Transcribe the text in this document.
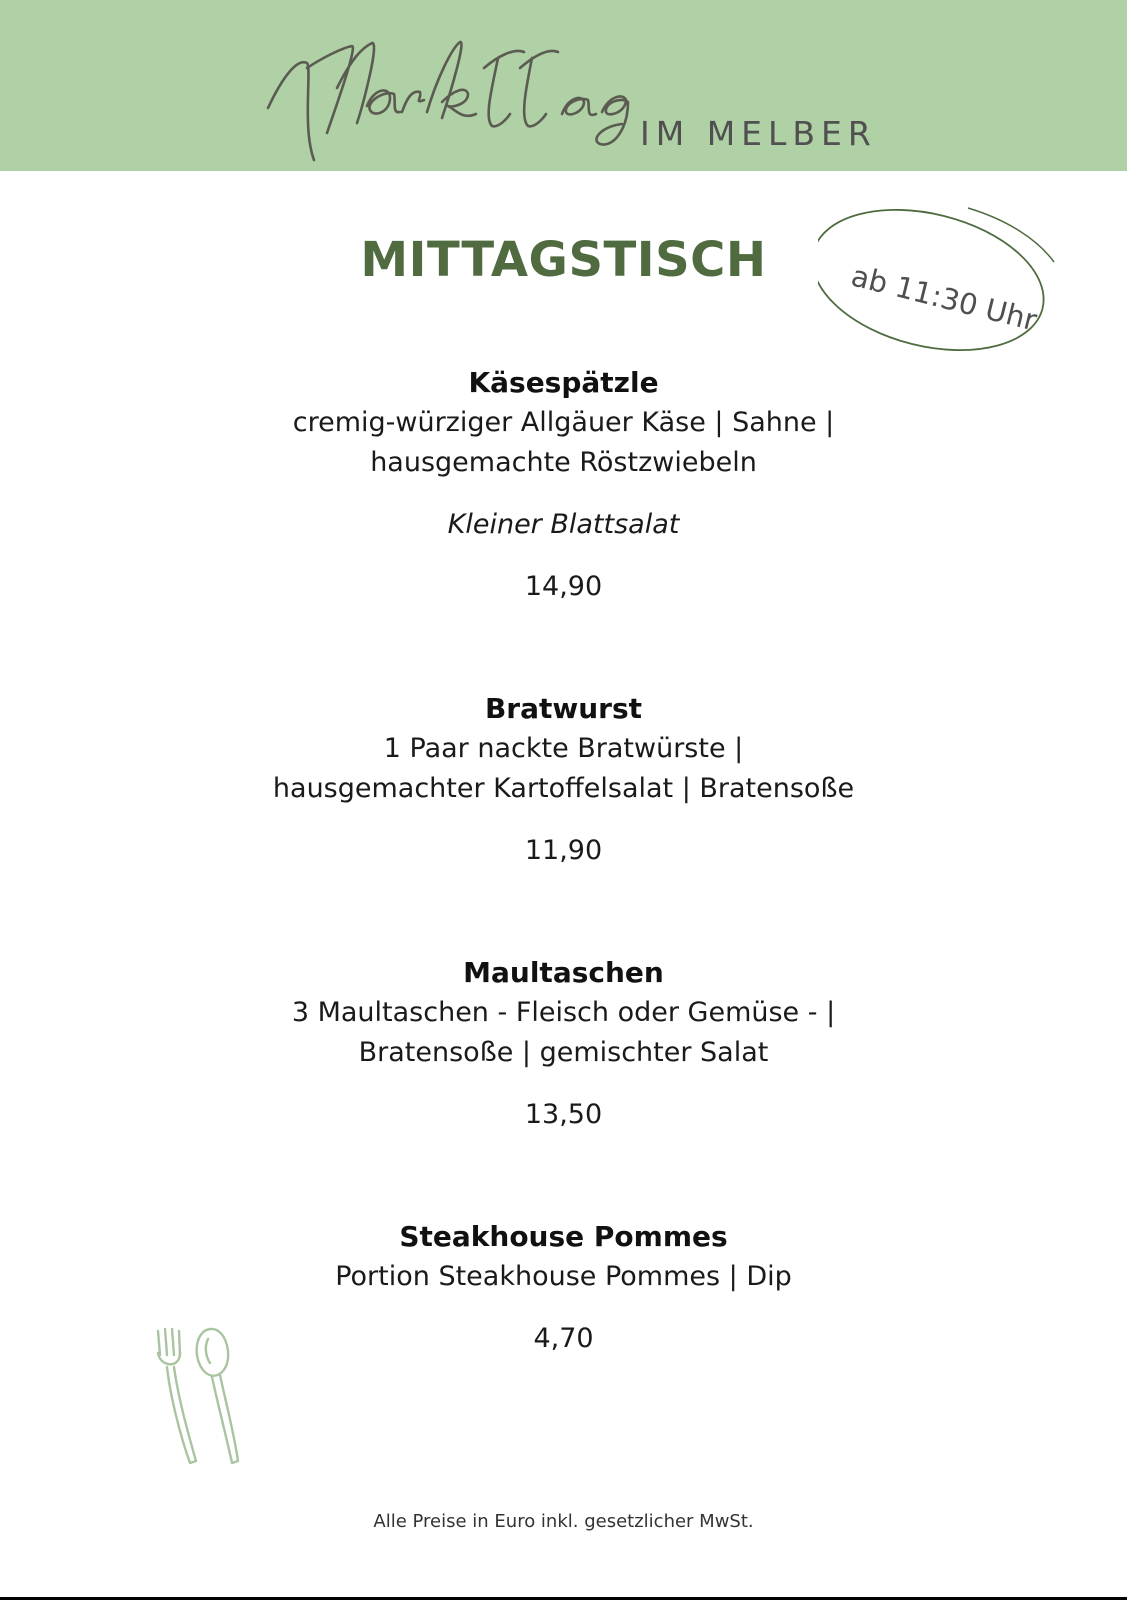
IM MELBER
MITTAGSTISCH	ab 11:30 Uhr
Käsespätzle
cremig-würziger Allgäuer Käse | Sahne |
hausgemachte Röstzwiebeln
Kleiner Blattsalat
14,90
Bratwurst
1 Paar nackte Bratwürste |
hausgemachter Kartoffelsalat | Bratensoße
11,90
Maultaschen
3 Maultaschen - Fleisch oder Gemüse - |
Bratensoße | gemischter Salat
13,50
Steakhouse Pommes
Portion Steakhouse Pommes | Dip
4,70
Alle Preise in Euro inkl. gesetzlicher MwSt.
